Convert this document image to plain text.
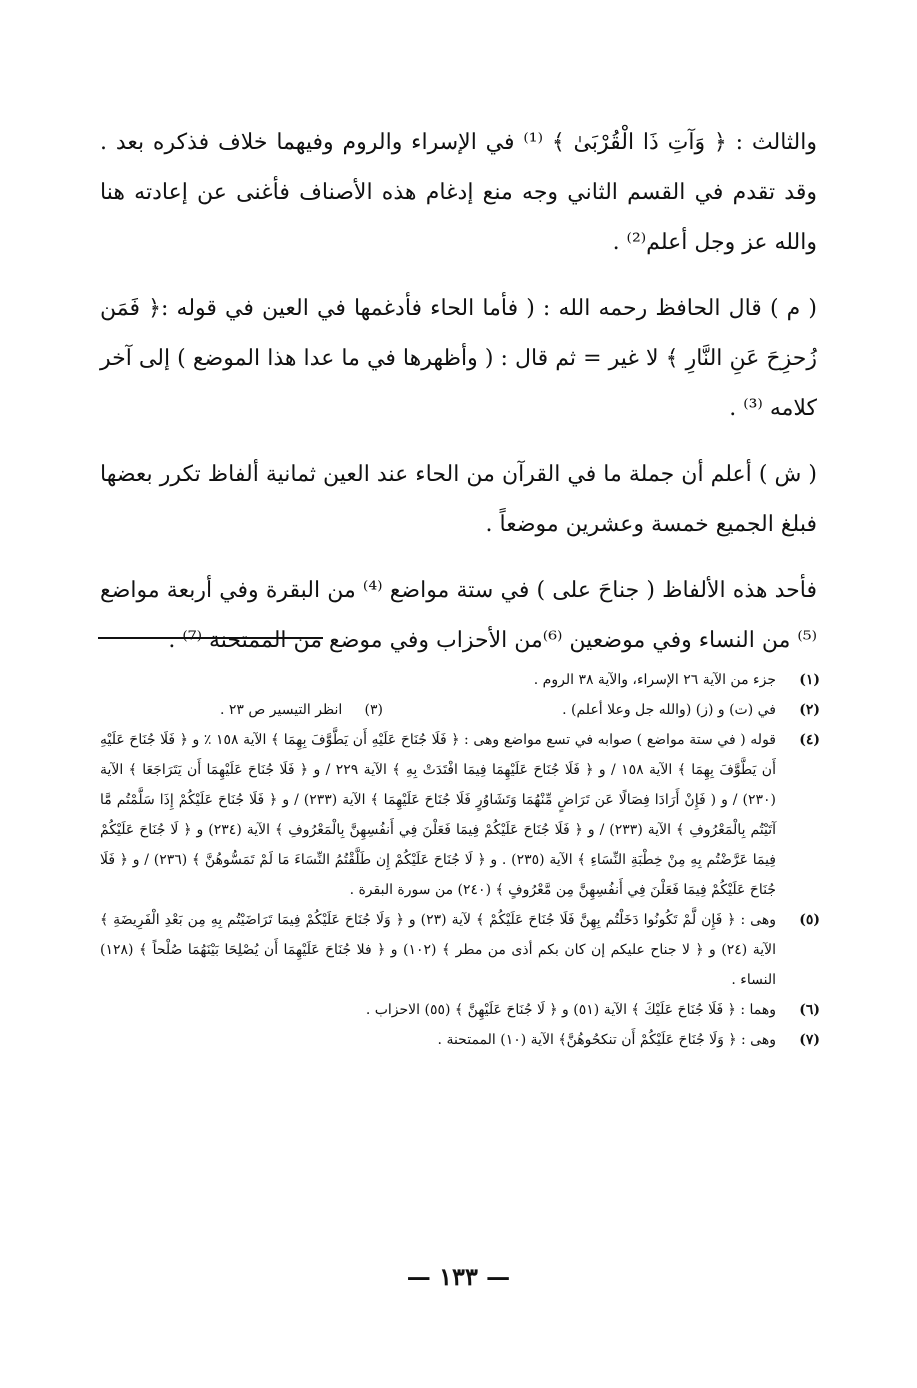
والثالث : ﴿ وَآتِ ذَا الْقُرْبَىٰ ﴾ ⁽¹⁾ في الإسراء والروم وفيهما خلاف فذكره بعد . وقد تقدم في القسم الثاني وجه منع إدغام هذه الأصناف فأغنى عن إعادته هنا والله عز وجل أعلم⁽²⁾ .

( م ) قال الحافظ رحمه الله : ( فأما الحاء فأدغمها في العين في قوله :﴿ فَمَن زُحزِحَ عَنِ النَّارِ ﴾ لا غير = ثم قال : ( وأظهرها في ما عدا هذا الموضع ) إلى آخر كلامه ⁽³⁾ .

( ش ) أعلم أن جملة ما في القرآن من الحاء عند العين ثمانية ألفاظ تكرر بعضها فبلغ الجميع خمسة وعشرين موضعاً .

فأحد هذه الألفاظ ( جناحَ على ) في ستة مواضع ⁽⁴⁾ من البقرة وفي أربعة مواضع ⁽⁵⁾ من النساء وفي موضعين ⁽⁶⁾من الأحزاب وفي موضع من الممتحنة ⁽⁷⁾ .

(١)
جزء من الآية ٢٦ الإسراء، والآية ٣٨ الروم .
(٢)
في (ت) و (ز) (والله جل وعلا أعلم) .
(٣)     انظر التيسير ص ٢٣ .
(٤)
قوله ( في ستة مواضع ) صوابه في تسع مواضع وهى : ﴿ فَلَا جُنَاحَ عَلَيْهِ أَن يَطَّوَّفَ بِهِمَا ﴾ الآية ١٥٨ ٪ و ﴿ فَلَا جُنَاحَ عَلَيْهِ أَن يَطَّوَّفَ بِهِمَا ﴾ الآية ١٥٨ / و ﴿ فَلَا جُنَاحَ عَلَيْهِمَا فِيمَا افْتَدَتْ بِهِ ﴾ الآية ٢٢٩ / و ﴿ فَلَا جُنَاحَ عَلَيْهِمَا أَن يَتَرَاجَعَا ﴾ الآية (٢٣٠) / و ( فَإِنْ أَرَادَا فِصَالًا عَن تَرَاضٍ مِّنْهُمَا وَتَشَاوُرٍ فَلَا جُنَاحَ عَلَيْهِمَا ﴾ الآية (٢٣٣) / و ﴿ فَلَا جُنَاحَ عَلَيْكُمْ إِذَا سَلَّمْتُم مَّا آتَيْتُم بِالْمَعْرُوفِ ﴾ الآية (٢٣٣) / و ﴿ فَلَا جُنَاحَ عَلَيْكُمْ فِيمَا فَعَلْنَ فِي أَنفُسِهِنَّ بِالْمَعْرُوفِ ﴾ الآية (٢٣٤) و ﴿ لَا جُنَاحَ عَلَيْكُمْ فِيمَا عَرَّضْتُم بِهِ مِنْ خِطْبَةِ النِّسَاءِ ﴾ الآية (٢٣٥) . و ﴿ لَا جُنَاحَ عَلَيْكُمْ إِن طَلَّقْتُمُ النِّسَاءَ مَا لَمْ تَمَسُّوهُنَّ ﴾ (٢٣٦) / و ﴿ فَلَا جُنَاحَ عَلَيْكُمْ فِيمَا فَعَلْنَ فِي أَنفُسِهِنَّ مِن مَّعْرُوفٍ ﴾ (٢٤٠) من سورة البقرة .
(٥)
وهى : ﴿ فَإِن لَّمْ تَكُونُوا دَخَلْتُم بِهِنَّ فَلَا جُنَاحَ عَلَيْكُمْ ﴾ لآية (٢٣) و ﴿ وَلَا جُنَاحَ عَلَيْكُمْ فِيمَا تَرَاضَيْتُم بِهِ مِن بَعْدِ الْفَرِيضَةِ ﴾ الآية (٢٤) و ﴿ لا جناح عليكم إن كان بكم أذى من مطر ﴾ (١٠٢) و ﴿ فلا جُنَاحَ عَلَيْهِمَا أَن يُصْلِحَا بَيْنَهُمَا صُلْحاً ﴾ (١٢٨) النساء .
(٦)
وهما : ﴿ فَلَا جُنَاحَ عَلَيْكَ ﴾ الآية (٥١) و ﴿ لَا جُنَاحَ عَلَيْهِنَّ ﴾ (٥٥) الاحزاب .
(٧)
وهى : ﴿ وَلَا جُنَاحَ عَلَيْكُمْ أَن تنكحُوهُنَّ﴾ الآية (١٠) الممتحنة .
— ١٣٣ —
